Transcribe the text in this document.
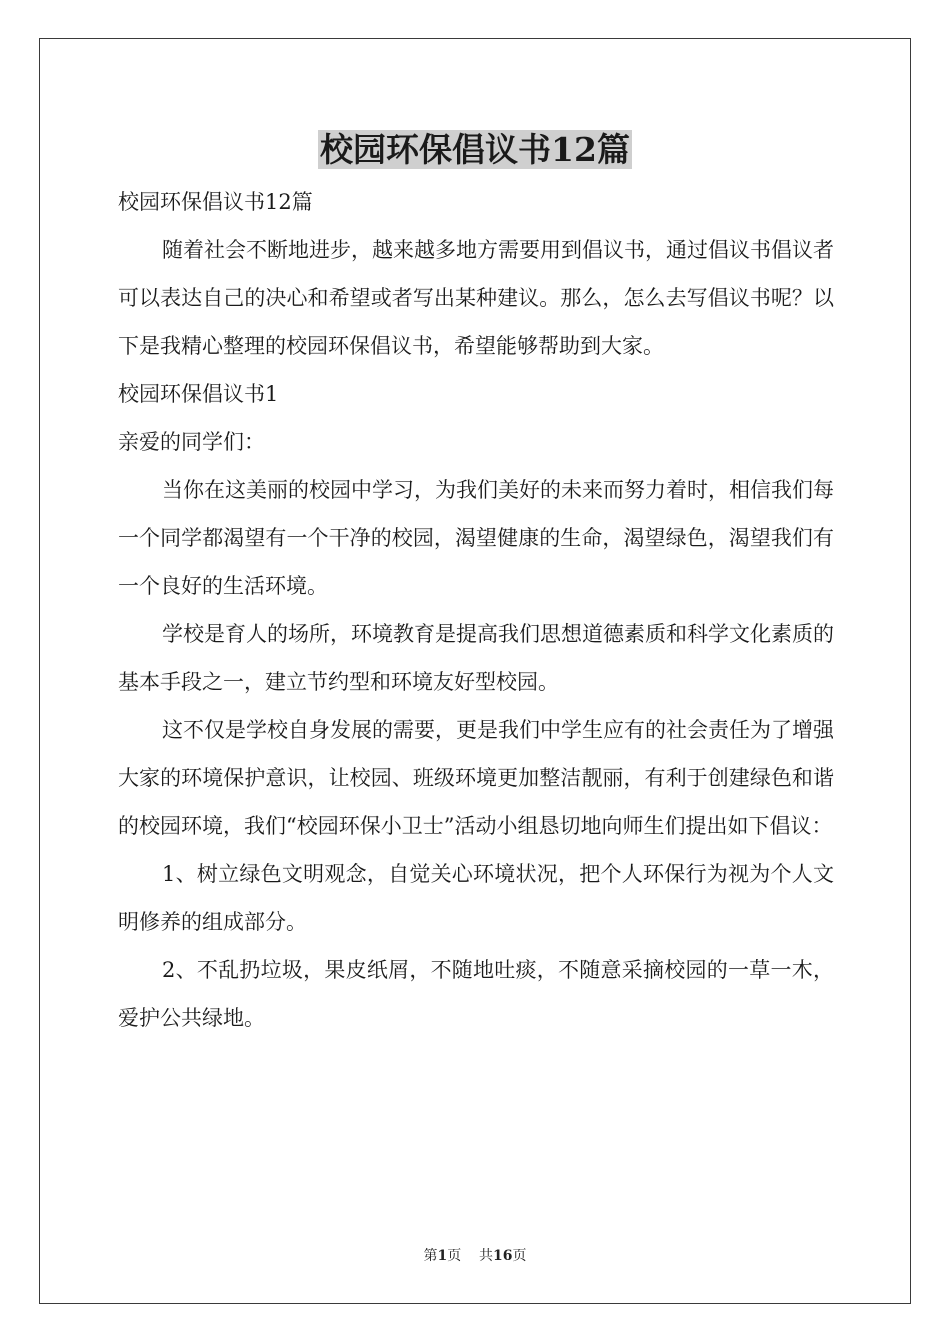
校园环保倡议书12篇

校园环保倡议书12篇

随着社会不断地进步，越来越多地方需要用到倡议书，通过倡议书倡议者可以表达自己的决心和希望或者写出某种建议。那么，怎么去写倡议书呢？以下是我精心整理的校园环保倡议书，希望能够帮助到大家。

校园环保倡议书1

亲爱的同学们：

当你在这美丽的校园中学习，为我们美好的未来而努力着时，相信我们每一个同学都渴望有一个干净的校园，渴望健康的生命，渴望绿色，渴望我们有一个良好的生活环境。

学校是育人的场所，环境教育是提高我们思想道德素质和科学文化素质的基本手段之一，建立节约型和环境友好型校园。

这不仅是学校自身发展的需要，更是我们中学生应有的社会责任为了增强大家的环境保护意识，让校园、班级环境更加整洁靓丽，有利于创建绿色和谐的校园环境，我们“校园环保小卫士”活动小组恳切地向师生们提出如下倡议：

1、树立绿色文明观念，自觉关心环境状况，把个人环保行为视为个人文明修养的组成部分。

2、不乱扔垃圾，果皮纸屑，不随地吐痰，不随意采摘校园的一草一木，爱护公共绿地。

第1页 共16页
